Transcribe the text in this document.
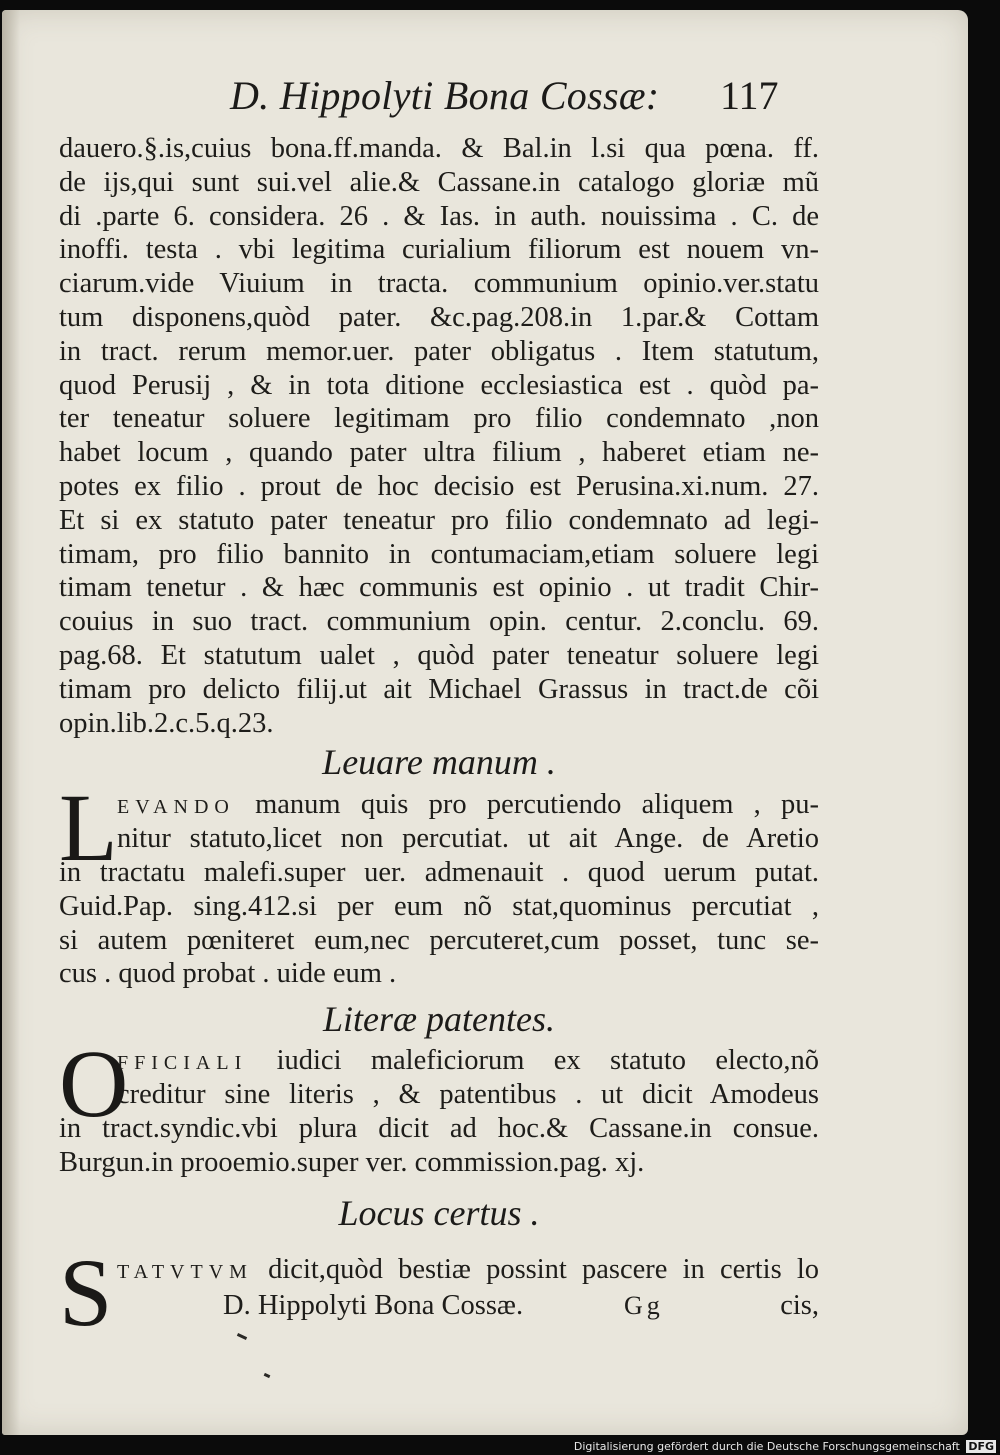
D. Hippolyti Bona Cossæ: 117
dauero.§.is,cuius bona.ff.manda. & Bal.in l.si qua pœna. ff.
de ijs,qui sunt sui.vel alie.& Cassane.in catalogo gloriæ mũ
di .parte 6. considera. 26 . & Ias. in auth. nouissima . C. de
inoffi. testa . vbi legitima curialium filiorum est nouem vn-
ciarum.vide Viuium in tracta. communium opinio.ver.statu
tum disponens,quòd pater. &c.pag.208.in 1.par.& Cottam
in tract. rerum memor.uer. pater obligatus . Item statutum,
quod Perusij , & in tota ditione ecclesiastica est . quòd pa-
ter teneatur soluere legitimam pro filio condemnato ,non
habet locum , quando pater ultra filium , haberet etiam ne-
potes ex filio . prout de hoc decisio est Perusina.xi.num. 27.
Et si ex statuto pater teneatur pro filio condemnato ad legi-
timam, pro filio bannito in contumaciam,etiam soluere legi
timam tenetur . & hæc communis est opinio . ut tradit Chir-
couius in suo tract. communium opin. centur. 2.conclu. 69.
pag.68. Et statutum ualet , quòd pater teneatur soluere legi
timam pro delicto filij.ut ait Michael Grassus in tract.de cõi
opin.lib.2.c.5.q.23.
Leuare manum .
L EVANDO manum quis pro percutiendo aliquem , pu-
nitur statuto,licet non percutiat. ut ait Ange. de Aretio
in tractatu malefi.super uer. admenauit . quod uerum putat.
Guid.Pap. sing.412.si per eum nõ stat,quominus percutiat ,
si autem pœniteret eum,nec percuteret,cum posset, tunc se-
cus . quod probat . uide eum .
Literæ patentes.
O
FFICIALI iudici maleficiorum ex statuto electo,nõ
creditur sine literis , & patentibus . ut dicit Amodeus
in tract.syndic.vbi plura dicit ad hoc.& Cassane.in consue.
Burgun.in prooemio.super ver. commission.pag. xj.
Locus certus .
S TATVTVM dicit,quòd bestiæ possint pascere in certis lo
D. Hippolyti Bona Cossæ.	Gg	cis,
Digitalisierung gefördert durch die Deutsche Forschungsgemeinschaft DFG
